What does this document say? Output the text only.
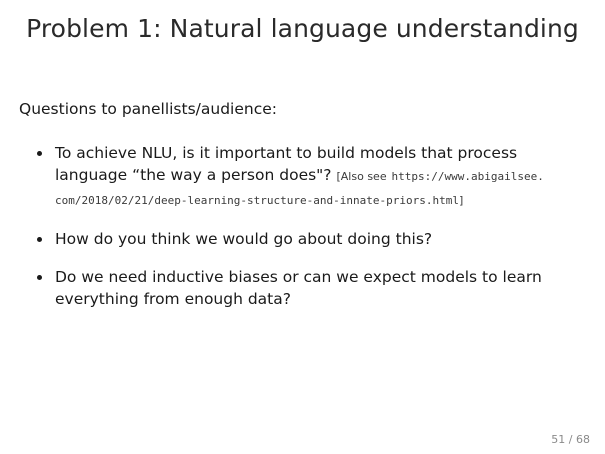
Problem 1: Natural language understanding
Questions to panellists/audience:
To achieve NLU, is it important to build models that process
language “the way a person does"? [Also see https://www.abigailsee.
com/2018/02/21/deep-learning-structure-and-innate-priors.html]
How do you think we would go about doing this?
Do we need inductive biases or can we expect models to learn
everything from enough data?
51 / 68
